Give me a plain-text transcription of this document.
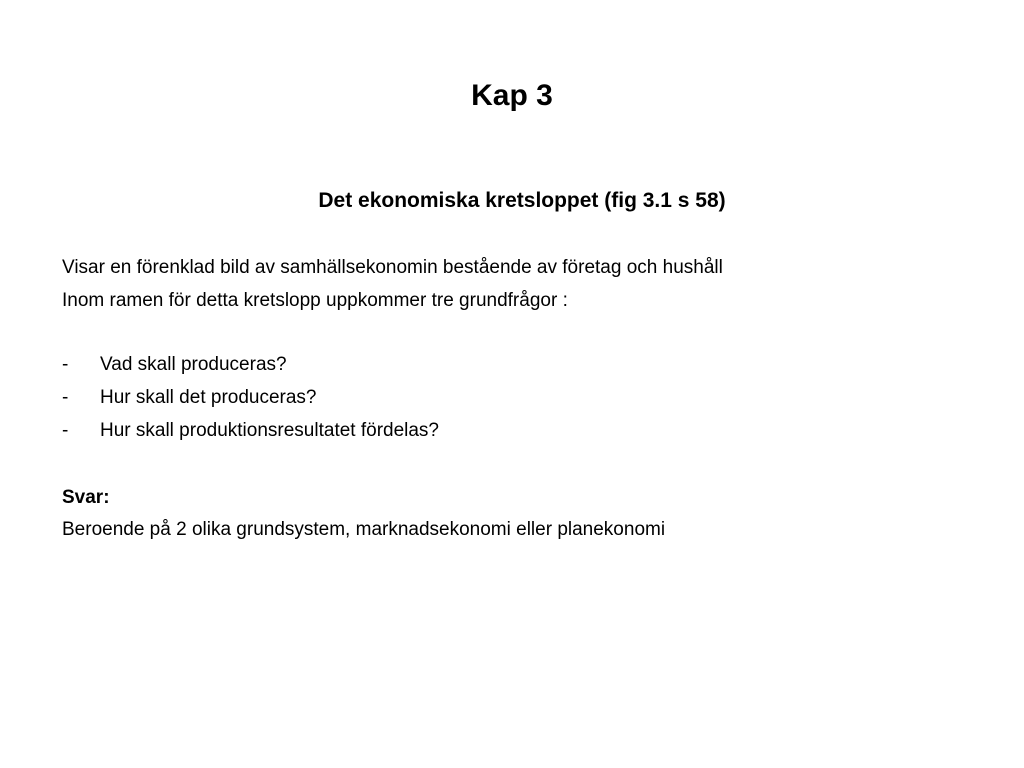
Kap 3
Det ekonomiska kretsloppet (fig 3.1 s 58)

Visar en förenklad bild av samhällsekonomin bestående av företag och hushåll

Inom ramen för detta kretslopp uppkommer tre grundfrågor :

- Vad skall produceras?
- Hur skall det produceras?
- Hur skall produktionsresultatet fördelas?

Svar:

Beroende på 2 olika grundsystem, marknadsekonomi eller planekonomi
